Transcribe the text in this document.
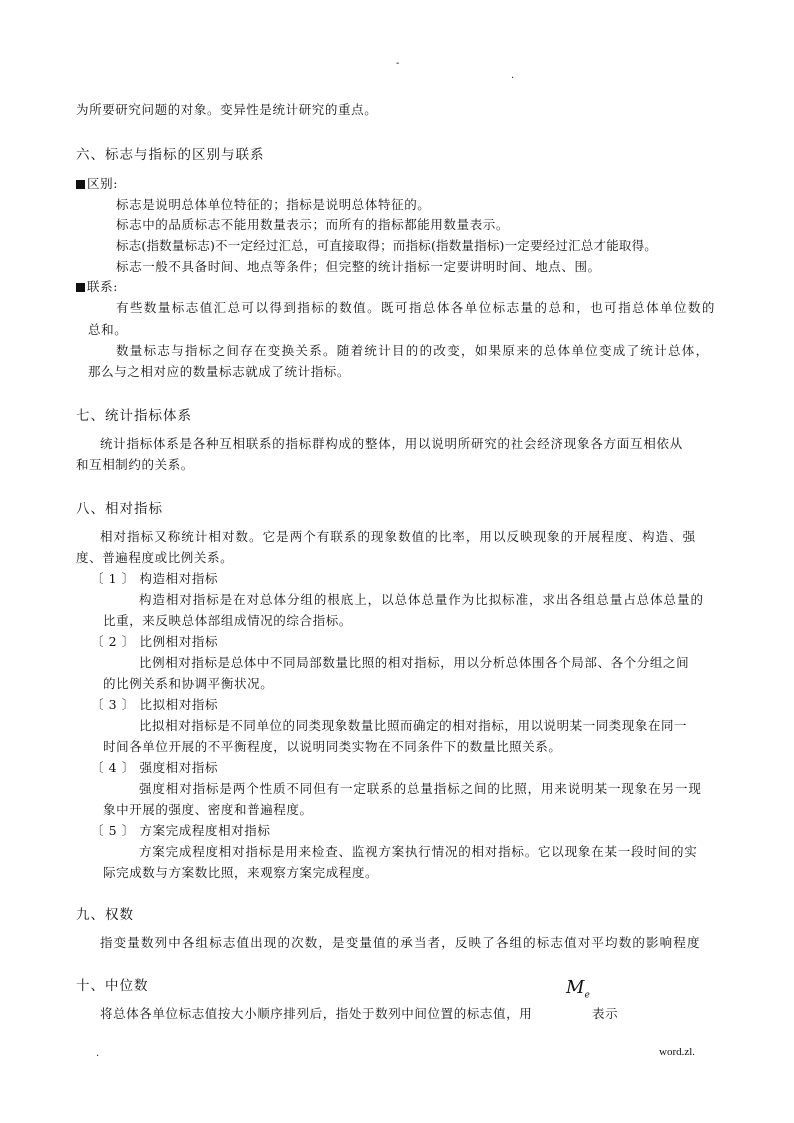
-
.
为所要研究问题的对象。变异性是统计研究的重点。
六、标志与指标的区别与联系
区别:
标志是说明总体单位特征的；指标是说明总体特征的。
标志中的品质标志不能用数量表示；而所有的指标都能用数量表示。
标志(指数量标志)不一定经过汇总，可直接取得；而指标(指数量指标)一定要经过汇总才能取得。
标志一般不具备时间、地点等条件；但完整的统计指标一定要讲明时间、地点、围。
联系:
有些数量标志值汇总可以得到指标的数值。既可指总体各单位标志量的总和，也可指总体单位数的
总和。
数量标志与指标之间存在变换关系。随着统计目的的改变，如果原来的总体单位变成了统计总体，
那么与之相对应的数量标志就成了统计指标。
七、统计指标体系
统计指标体系是各种互相联系的指标群构成的整体，用以说明所研究的社会经济现象各方面互相依从
和互相制约的关系。
八、相对指标
相对指标又称统计相对数。它是两个有联系的现象数值的比率，用以反映现象的开展程度、构造、强
度、普遍程度或比例关系。
〔 1 〕 构造相对指标
构造相对指标是在对总体分组的根底上，以总体总量作为比拟标准，求出各组总量占总体总量的
比重，来反映总体部组成情况的综合指标。
〔 2 〕 比例相对指标
比例相对指标是总体中不同局部数量比照的相对指标，用以分析总体围各个局部、各个分组之间
的比例关系和协调平衡状况。
〔 3 〕 比拟相对指标
比拟相对指标是不同单位的同类现象数量比照而确定的相对指标，用以说明某一同类现象在同一
时间各单位开展的不平衡程度，以说明同类实物在不同条件下的数量比照关系。
〔 4 〕 强度相对指标
强度相对指标是两个性质不同但有一定联系的总量指标之间的比照，用来说明某一现象在另一现
象中开展的强度、密度和普遍程度。
〔 5 〕 方案完成程度相对指标
方案完成程度相对指标是用来检查、监视方案执行情况的相对指标。它以现象在某一段时间的实
际完成数与方案数比照，来观察方案完成程度。
九、权数
指变量数列中各组标志值出现的次数，是变量值的承当者，反映了各组的标志值对平均数的影响程度
十、中位数	$M_e$
将总体各单位标志值按大小顺序排列后，指处于数列中间位置的标志值，用	表示
.	word.zl.
